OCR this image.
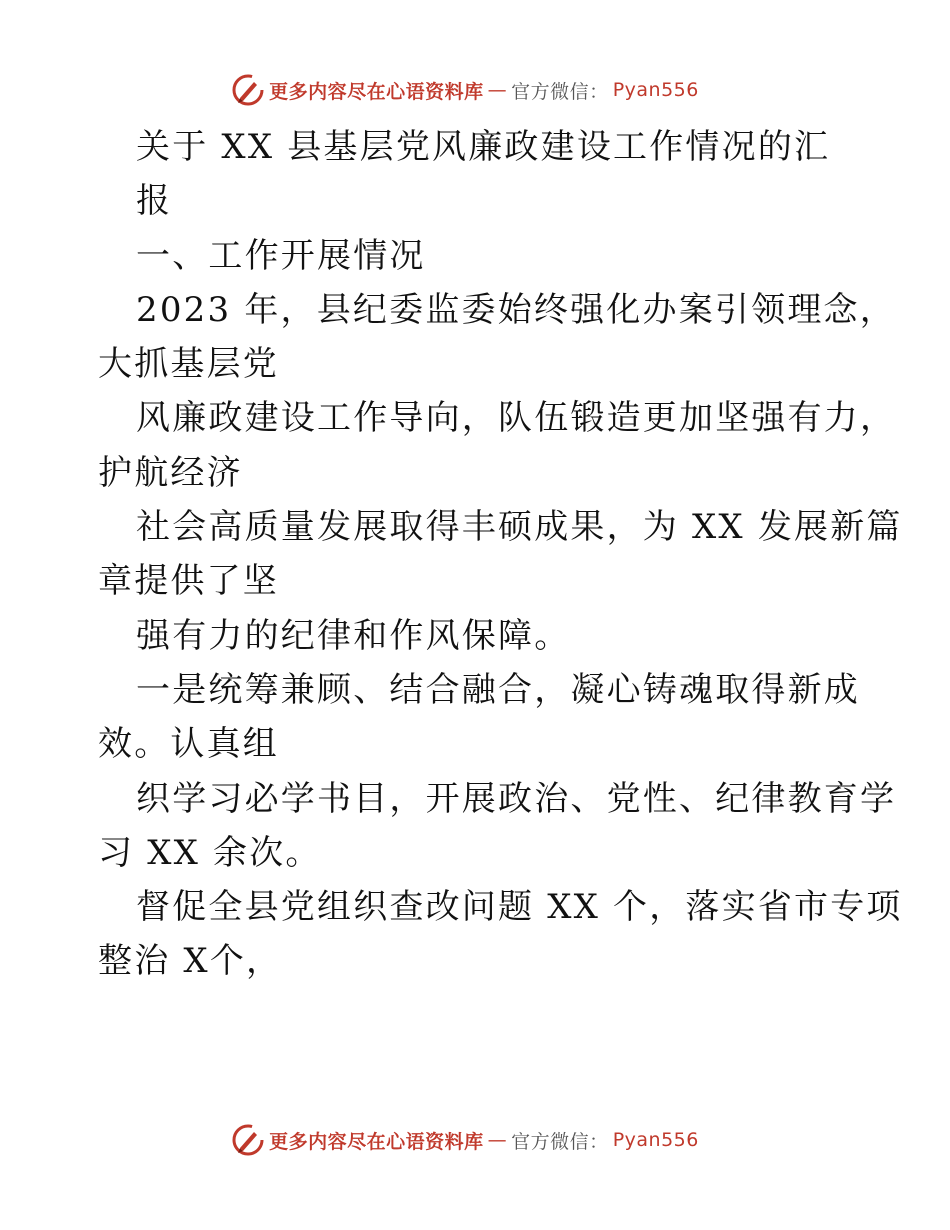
更多内容尽在心语资料库 — 官方微信： Pyan556
关于 XX 县基层党风廉政建设工作情况的汇
报
一、工作开展情况
2023 年，县纪委监委始终强化办案引领理念，
大抓基层党
风廉政建设工作导向，队伍锻造更加坚强有力，
护航经济
社会高质量发展取得丰硕成果，为 XX 发展新篇
章提供了坚
强有力的纪律和作风保障。
一是统筹兼顾、结合融合，凝心铸魂取得新成
效。认真组
织学习必学书目，开展政治、党性、纪律教育学
习 XX 余次。
督促全县党组织查改问题 XX 个，落实省市专项
整治 X个，
更多内容尽在心语资料库 — 官方微信： Pyan556
